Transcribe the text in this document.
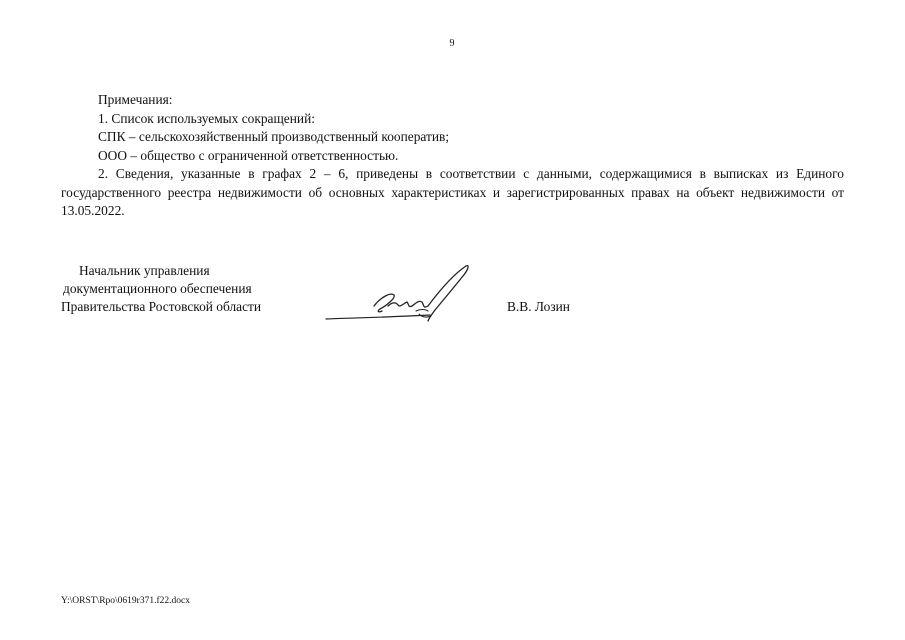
9

Примечания:

1. Список используемых сокращений:

СПК – сельскохозяйственный производственный кооператив;

ООО – общество с ограниченной ответственностью.

2. Сведения, указанные в графах 2 – 6, приведены в соответствии с данными, содержащимися в выписках из Единого государственного реестра недвижимости об основных характеристиках и зарегистрированных правах на объект недвижимости от 13.05.2022.

Начальник управления
документационного обеспечения
Правительства Ростовской области	В.В. Лозин
Y:\ORST\Rpo\0619r371.f22.docx
